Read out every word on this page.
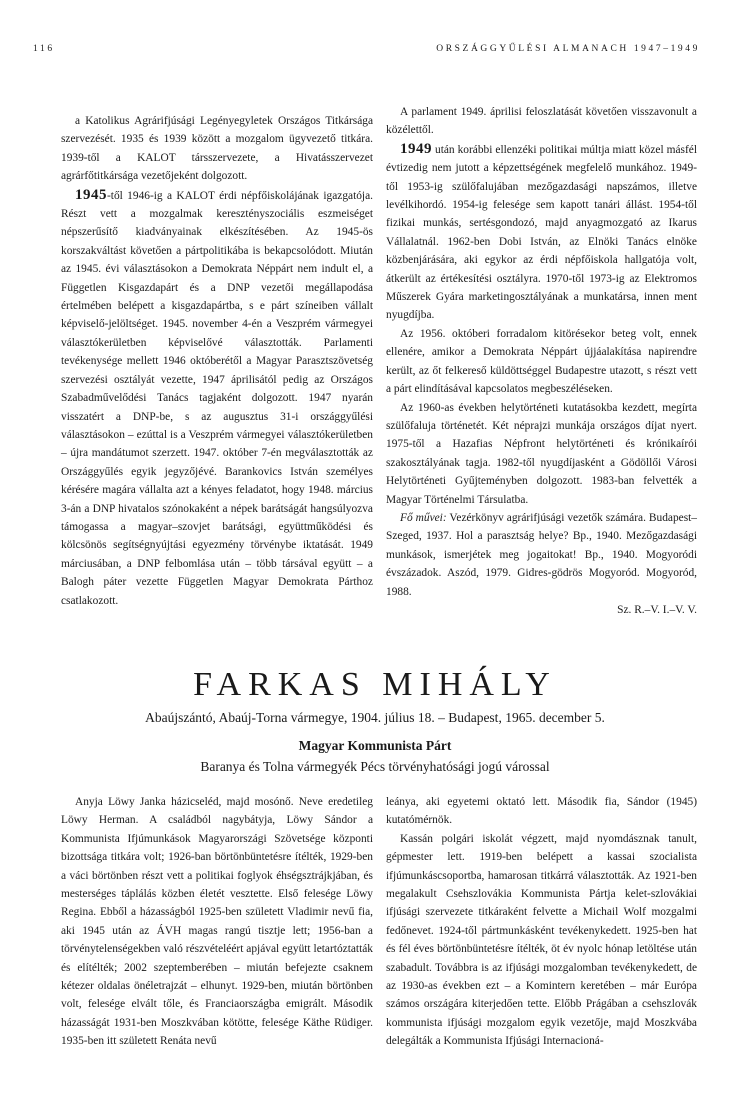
116	ORSZÁGGYŰLÉSI ALMANACH 1947–1949

a Katolikus Agrárifjúsági Legényegyletek Országos Titkársága szervezését. 1935 és 1939 között a mozgalom ügyvezető titkára. 1939-től a KALOT társszervezete, a Hivatásszervezet agrárfőtitkársága vezetőjeként dolgozott.

1945-től 1946-ig a KALOT érdi népfőiskolájának igazgatója. Részt vett a mozgalmak keresztényszociális eszmeiséget népszerűsítő kiadványainak elkészítésében. Az 1945-ös korszakváltást követően a pártpolitikába is bekapcsolódott. Miután az 1945. évi választásokon a Demokrata Néppárt nem indult el, a Független Kisgazdapárt és a DNP vezetői megállapodása értelmében belépett a kisgazdapártba, s e párt színeiben vállalt képviselő-jelöltséget. 1945. november 4-én a Veszprém vármegyei választókerületben képviselővé választották. Parlamenti tevékenysége mellett 1946 októberétől a Magyar Parasztszövetség szervezési osztályát vezette, 1947 áprilisától pedig az Országos Szabadművelődési Tanács tagjaként dolgozott. 1947 nyarán visszatért a DNP-be, s az augusztus 31-i országgyűlési választásokon – ezúttal is a Veszprém vármegyei választókerületben – újra mandátumot szerzett. 1947. október 7-én megválasztották az Országgyűlés egyik jegyzőjévé. Barankovics István személyes kérésére magára vállalta azt a kényes feladatot, hogy 1948. március 3-án a DNP hivatalos szónokaként a népek barátságát hangsúlyozva támogassa a magyar–szovjet barátsági, együttműködési és kölcsönös segítségnyújtási egyezmény törvénybe iktatását. 1949 márciusában, a DNP felbomlása után – több társával együtt – a Balogh páter vezette Független Magyar Demokrata Párthoz csatlakozott.

A parlament 1949. áprilisi feloszlatását követően visszavonult a közélettől.

1949 után korábbi ellenzéki politikai múltja miatt közel másfél évtizedig nem jutott a képzettségének megfelelő munkához. 1949-től 1953-ig szülőfalujában mezőgazdasági napszámos, illetve levélkihordó. 1954-ig felesége sem kapott tanári állást. 1954-től fizikai munkás, sertésgondozó, majd anyagmozgató az Ikarus Vállalatnál. 1962-ben Dobi István, az Elnöki Tanács elnöke közbenjárására, aki egykor az érdi népfőiskola hallgatója volt, átkerült az értékesítési osztályra. 1970-től 1973-ig az Elektromos Műszerek Gyára marketingosztályának a munkatársa, innen ment nyugdíjba.

Az 1956. októberi forradalom kitörésekor beteg volt, ennek ellenére, amikor a Demokrata Néppárt újjáalakítása napirendre került, az őt felkereső küldöttséggel Budapestre utazott, s részt vett a párt elindításával kapcsolatos megbeszéléseken.

Az 1960-as években helytörténeti kutatásokba kezdett, megírta szülőfaluja történetét. Két néprajzi munkája országos díjat nyert. 1975-től a Hazafias Népfront helytörténeti és krónikaírói szakosztályának tagja. 1982-től nyugdíjasként a Gödöllői Városi Helytörténeti Gyűjteményben dolgozott. 1983-ban felvették a Magyar Történelmi Társulatba.

Fő művei: Vezérkönyv agrárifjúsági vezetők számára. Budapest–Szeged, 1937. Hol a parasztság helye? Bp., 1940. Mezőgazdasági munkások, ismerjétek meg jogaitokat! Bp., 1940. Mogyoródi évszázadok. Aszód, 1979. Gidres-gödrös Mogyoród. Mogyoród, 1988.

Sz. R.–V. I.–V. V.

FARKAS MIHÁLY
Abaújszántó, Abaúj-Torna vármegye, 1904. július 18. – Budapest, 1965. december 5.
Magyar Kommunista Párt
Baranya és Tolna vármegyék Pécs törvényhatósági jogú várossal

Anyja Löwy Janka házicseléd, majd mosónő. Neve eredetileg Löwy Herman. A családból nagybátyja, Löwy Sándor a Kommunista Ifjúmunkások Magyarországi Szövetsége központi bizottsága titkára volt; 1926-ban börtönbüntetésre ítélték, 1929-ben a váci börtönben részt vett a politikai foglyok éhségsztrájkjában, és mesterséges táplálás közben életét vesztette. Első felesége Löwy Regina. Ebből a házasságból 1925-ben született Vladimir nevű fia, aki 1945 után az ÁVH magas rangú tisztje lett; 1956-ban a törvénytelenségekben való részvételéért apjával együtt letartóztatták és elítélték; 2002 szeptemberében – miután befejezte csaknem kétezer oldalas önéletrajzát – elhunyt. 1929-ben, miután börtönben volt, felesége elvált tőle, és Franciaországba emigrált. Második házasságát 1931-ben Moszkvában kötötte, felesége Käthe Rüdiger. 1935-ben itt született Renáta nevű

leánya, aki egyetemi oktató lett. Második fia, Sándor (1945) kutatómérnök.

Kassán polgári iskolát végzett, majd nyomdásznak tanult, gépmester lett. 1919-ben belépett a kassai szocialista ifjúmunkáscsoportba, hamarosan titkárrá választották. Az 1921-ben megalakult Csehszlovákia Kommunista Pártja kelet-szlovákiai ifjúsági szervezete titkáraként felvette a Michail Wolf mozgalmi fedőnevet. 1924-től pártmunkásként tevékenykedett. 1925-ben hat és fél éves börtönbüntetésre ítélték, öt év nyolc hónap letöltése után szabadult. Továbbra is az ifjúsági mozgalomban tevékenykedett, de az 1930-as években ezt – a Komintern keretében – már Európa számos országára kiterjedően tette. Előbb Prágában a csehszlovák kommunista ifjúsági mozgalom egyik vezetője, majd Moszkvába delegálták a Kommunista Ifjúsági Internacioná-
